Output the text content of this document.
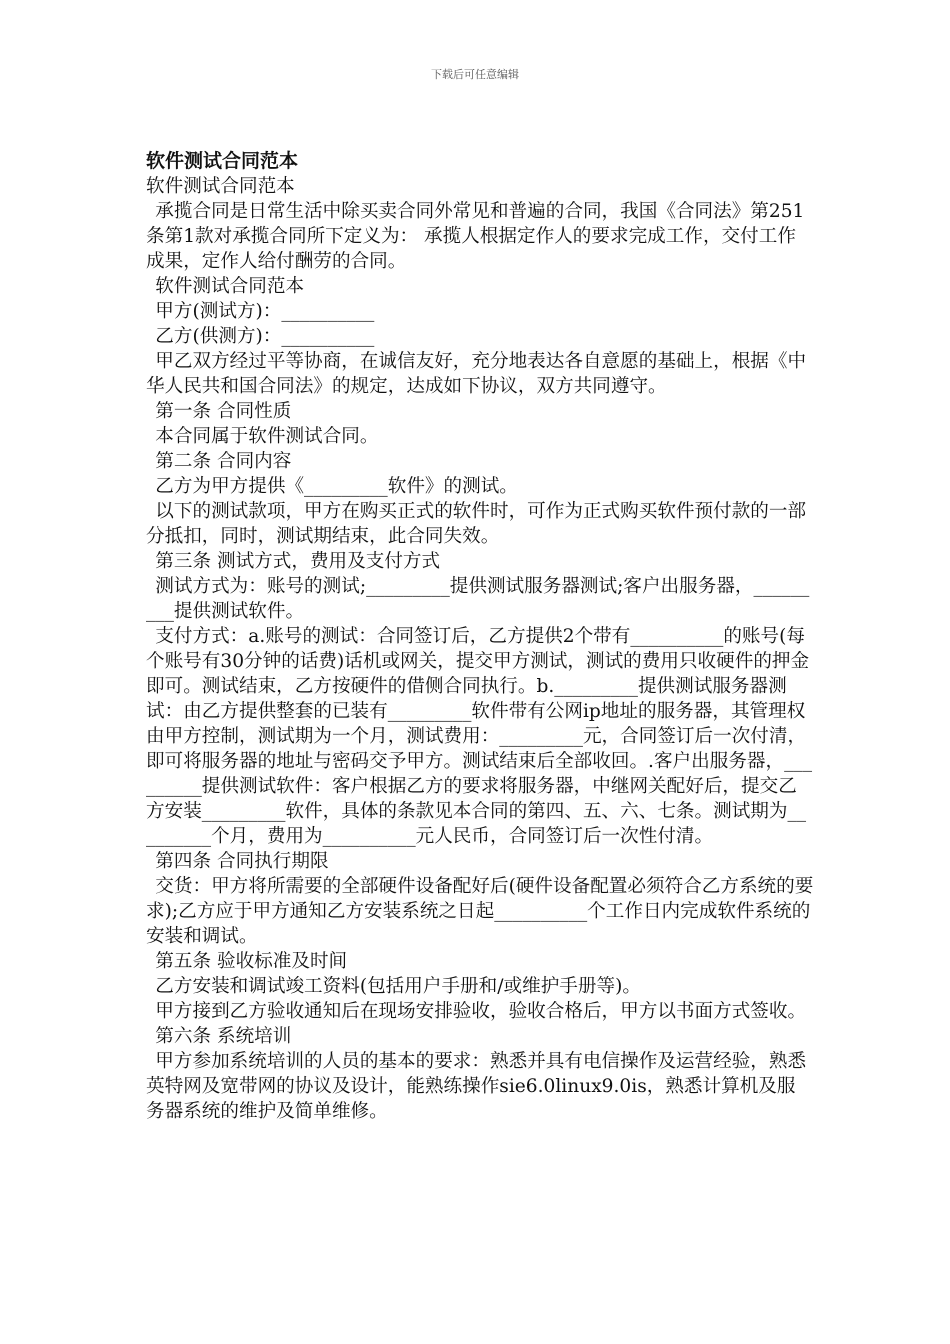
下载后可任意编辑
软件测试合同范本

软件测试合同范本

承揽合同是日常生活中除买卖合同外常见和普遍的合同，我国《合同法》第251条第1款对承揽合同所下定义为： 承揽人根据定作人的要求完成工作，交付工作成果，定作人给付酬劳的合同。

软件测试合同范本

甲方(测试方)：__________

乙方(供测方)：__________

甲乙双方经过平等协商，在诚信友好，充分地表达各自意愿的基础上，根据《中华人民共和国合同法》的规定，达成如下协议，双方共同遵守。

第一条 合同性质

本合同属于软件测试合同。

第二条 合同内容

乙方为甲方提供《_________软件》的测试。

以下的测试款项，甲方在购买正式的软件时，可作为正式购买软件预付款的一部分抵扣，同时，测试期结束，此合同失效。

第三条 测试方式，费用及支付方式

测试方式为：账号的测试;_________提供测试服务器测试;客户出服务器，_________提供测试软件。

支付方式：a.账号的测试：合同签订后，乙方提供2个带有__________的账号(每个账号有30分钟的话费)话机或网关，提交甲方测试，测试的费用只收硬件的押金即可。测试结束，乙方按硬件的借侧合同执行。b._________提供测试服务器测试：由乙方提供整套的已装有_________软件带有公网ip地址的服务器，其管理权由甲方控制，测试期为一个月，测试费用：_________元，合同签订后一次付清，即可将服务器的地址与密码交予甲方。测试结束后全部收回。.客户出服务器，_________提供测试软件：客户根据乙方的要求将服务器，中继网关配好后，提交乙方安装_________软件，具体的条款见本合同的第四、五、六、七条。测试期为_________个月，费用为__________元人民币，合同签订后一次性付清。

第四条 合同执行期限

交货：甲方将所需要的全部硬件设备配好后(硬件设备配置必须符合乙方系统的要求);乙方应于甲方通知乙方安装系统之日起__________个工作日内完成软件系统的安装和调试。

第五条 验收标准及时间

乙方安装和调试竣工资料(包括用户手册和/或维护手册等)。

甲方接到乙方验收通知后在现场安排验收，验收合格后，甲方以书面方式签收。

第六条 系统培训

甲方参加系统培训的人员的基本的要求：熟悉并具有电信操作及运营经验，熟悉英特网及宽带网的协议及设计，能熟练操作sie6.0linux9.0is，熟悉计算机及服务器系统的维护及简单维修。
